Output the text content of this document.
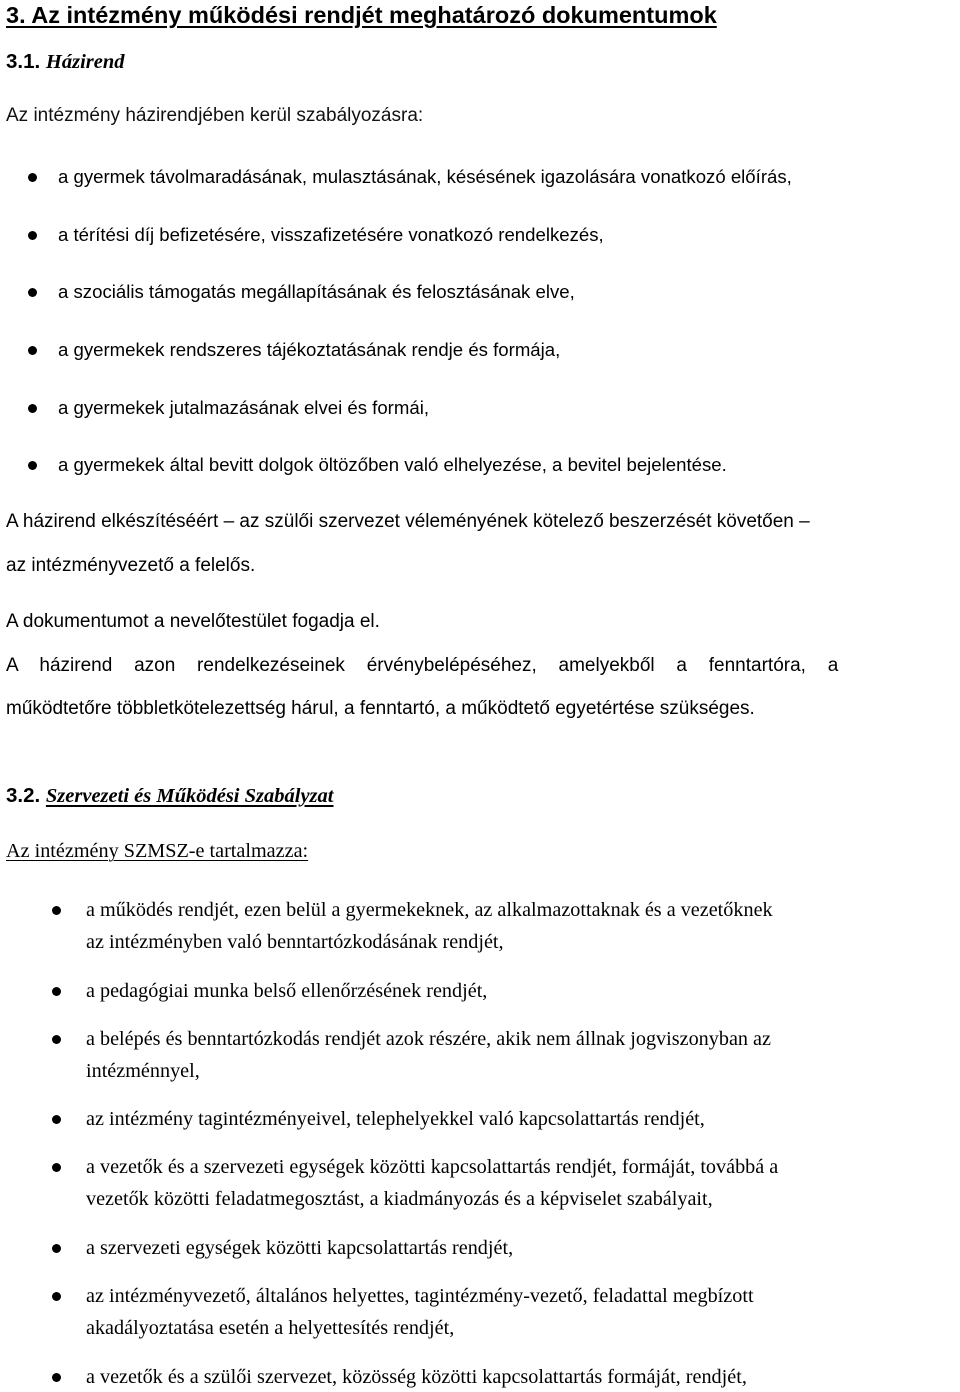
3. Az intézmény működési rendjét meghatározó dokumentumok
3.1. Házirend
Az intézmény házirendjében kerül szabályozásra:
a gyermek távolmaradásának, mulasztásának, késésének igazolására vonatkozó előírás,
a térítési díj befizetésére, visszafizetésére vonatkozó rendelkezés,
a szociális támogatás megállapításának és felosztásának elve,
a gyermekek rendszeres tájékoztatásának rendje és formája,
a gyermekek jutalmazásának elvei és formái,
a gyermekek által bevitt dolgok öltözőben való elhelyezése, a bevitel bejelentése.
A házirend elkészítéséért – az szülői szervezet véleményének kötelező beszerzését követően –
az intézményvezető a felelős.
A dokumentumot a nevelőtestület fogadja el.
A házirend azon rendelkezéseinek érvénybelépéséhez, amelyekből a fenntartóra, a
működtetőre többletkötelezettség hárul, a fenntartó, a működtető egyetértése szükséges.
3.2. Szervezeti és Működési Szabályzat
Az intézmény SZMSZ-e tartalmazza:
a működés rendjét, ezen belül a gyermekeknek, az alkalmazottaknak és a vezetőknek
az intézményben való benntartózkodásának rendjét,
a pedagógiai munka belső ellenőrzésének rendjét,
a belépés és benntartózkodás rendjét azok részére, akik nem állnak jogviszonyban az
intézménnyel,
az intézmény tagintézményeivel, telephelyekkel való kapcsolattartás rendjét,
a vezetők és a szervezeti egységek közötti kapcsolattartás rendjét, formáját, továbbá a
vezetők közötti feladatmegosztást, a kiadmányozás és a képviselet szabályait,
a szervezeti egységek közötti kapcsolattartás rendjét,
az intézményvezető, általános helyettes, tagintézmény-vezető, feladattal megbízott
akadályoztatása esetén a helyettesítés rendjét,
a vezetők és a szülői szervezet, közösség közötti kapcsolattartás formáját, rendjét,
